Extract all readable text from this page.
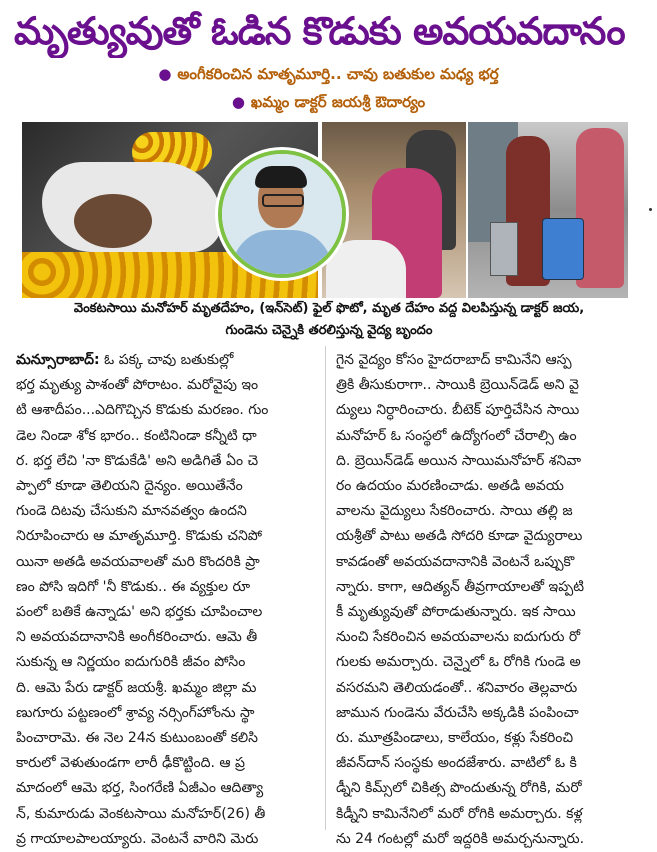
మృత్యువుతో ఓడిన కొడుకు అవయవదానం
● అంగీకరించిన మాతృమూర్తి.. చావు బతుకుల మధ్య భర్త
● ఖమ్మం డాక్టర్ జయశ్రీ ఔదార్యం
వెంకటసాయి మనోహర్ మృతదేహం, (ఇన్‌సెట్) ఫైల్ ఫొటో, మృత దేహం వద్ద విలపిస్తున్న డాక్టర్ జయ,
గుండెను చెన్నైకి తరలిస్తున్న వైద్య బృందం
మన్సూరాబాద్: ఓ పక్క చావు బతుకుల్లో
భర్త మృత్యు పాశంతో పోరాటం. మరోవైపు ఇం
టి ఆశాదీపం...ఎదిగొచ్చిన కొడుకు మరణం. గుం
డెల నిండా శోక భారం.. కంటినిండా కన్నీటి ధా
ర. భర్త లేచి 'నా కొడుకేడి' అని అడిగితే ఏం చె
ప్పాలో కూడా తెలియని దైన్యం. అయితేనేం
గుండె దిటవు చేసుకుని మానవత్వం ఉందని
నిరూపించారు ఆ మాతృమూర్తి. కొడుకు చనిపో
యినా అతడి అవయవాలతో మరి కొందరికి ప్రా
ణం పోసి ఇదిగో 'నీ కొడుకు.. ఈ వ్యక్తుల రూ
పంలో బతికే ఉన్నాడు' అని భర్తకు చూపించాల
ని అవయవదానానికి అంగీకరించారు. ఆమె తీ
సుకున్న ఆ నిర్ణయం ఐదుగురికి జీవం పోసిం
ది. ఆమె పేరు డాక్టర్ జయశ్రీ. ఖమ్మం జిల్లా మ
ణుగూరు పట్టణంలో శ్రావ్య నర్సింగ్‌హోంను స్థా
పించారామె. ఈ నెల 24న కుటుంబంతో కలిసి
కారులో వెళుతుండగా లారీ ఢీకొట్టింది. ఆ ప్ర
మాదంలో ఆమె భర్త, సింగరేణి ఏజీఎం ఆదిత్యా
న్, కుమారుడు వెంకటసాయి మనోహర్(26) తీ
వ్ర గాయాలపాలయ్యారు. వెంటనే వారిని మెరు
గైన వైద్యం కోసం హైదరాబాద్ కామినేని ఆస్ప
త్రికి తీసుకురాగా.. సాయికి బ్రెయిన్‌డెడ్ అని వై
ద్యులు నిర్ధారించారు. బీటెక్ పూర్తిచేసిన సాయి
మనోహర్ ఓ సంస్థలో ఉద్యోగంలో చేరాల్సి ఉం
ది. బ్రెయిన్‌డెడ్ అయిన సాయిమనోహర్ శనివా
రం ఉదయం మరణించాడు. అతడి అవయ
వాలను వైద్యులు సేకరించారు. సాయి తల్లి జ
యశ్రీతో పాటు అతడి సోదరి కూడా వైద్యురాలు
కావడంతో అవయవదానానికి వెంటనే ఒప్పుకొ
న్నారు. కాగా, ఆదిత్యన్ తీవ్రగాయాలతో ఇప్పటి
కీ మృత్యువుతో పోరాడుతున్నారు. ఇక సాయి
నుంచి సేకరించిన అవయవాలను ఐదుగురు రో
గులకు అమర్చారు. చెన్నైలో ఓ రోగికి గుండె అ
వసరమని తెలియడంతో.. శనివారం తెల్లవారు
జామున గుండెను వేరుచేసి అక్కడికి పంపించా
రు. మూత్రపిండాలు, కాలేయం, కళ్లు సేకరించి
జీవన్‌దాన్ సంస్థకు అందజేశారు. వాటిలో ఓ కి
డ్నీని కిమ్స్‌లో చికిత్స పొందుతున్న రోగికి, మరో
కిడ్నీని కామినేనిలో మరో రోగికి అమర్చారు. కళ్ల
ను 24 గంటల్లో మరో ఇద్దరికి అమర్చనున్నారు.
